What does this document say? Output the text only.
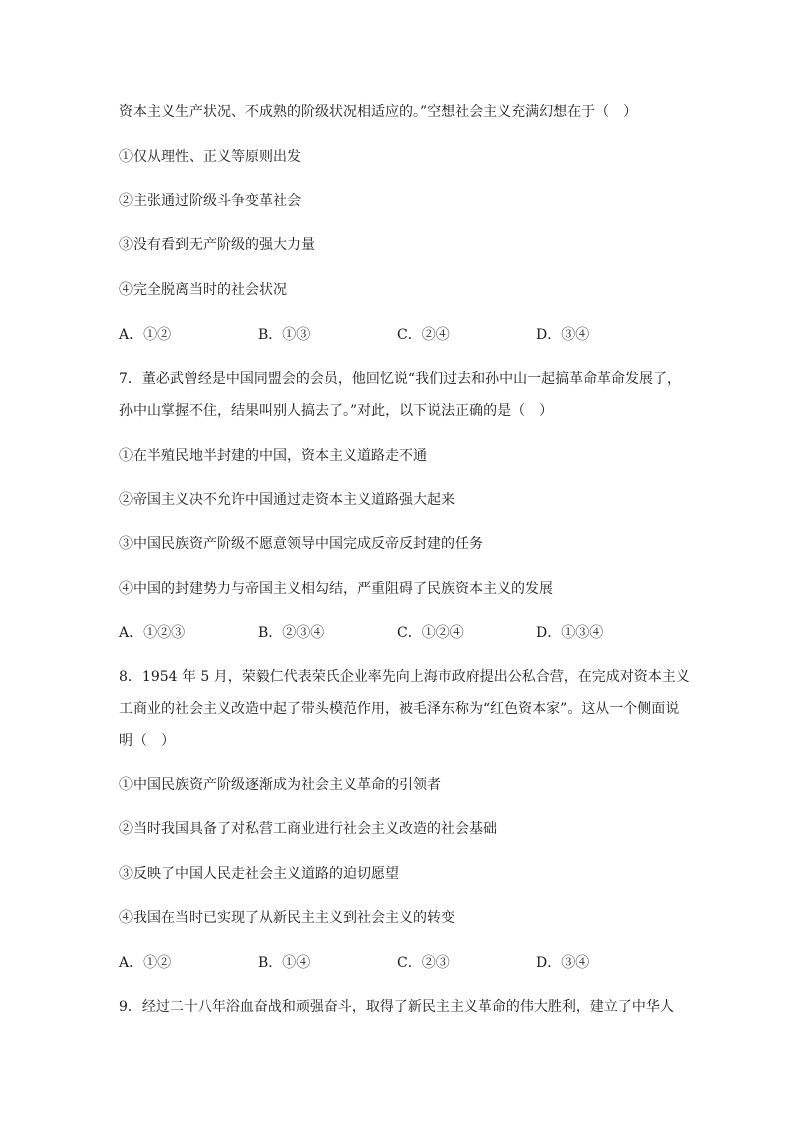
资本主义生产状况、不成熟的阶级状况相适应的。”空想社会主义充满幻想在于（　）
①仅从理性、正义等原则出发
②主张通过阶级斗争变革社会
③没有看到无产阶级的强大力量
④完全脱离当时的社会状况
A．①②	B．①③	C．②④	D．③④
7．董必武曾经是中国同盟会的会员，他回忆说“我们过去和孙中山一起搞革命革命发展了，
孙中山掌握不住，结果叫别人搞去了。”对此，以下说法正确的是（　）
①在半殖民地半封建的中国，资本主义道路走不通
②帝国主义决不允许中国通过走资本主义道路强大起来
③中国民族资产阶级不愿意领导中国完成反帝反封建的任务
④中国的封建势力与帝国主义相勾结，严重阻碍了民族资本主义的发展
A．①②③	B．②③④	C．①②④	D．①③④
8．1954 年 5 月，荣毅仁代表荣氏企业率先向上海市政府提出公私合营，在完成对资本主义
工商业的社会主义改造中起了带头模范作用，被毛泽东称为“红色资本家”。这从一个侧面说
明（　）
①中国民族资产阶级逐渐成为社会主义革命的引领者
②当时我国具备了对私营工商业进行社会主义改造的社会基础
③反映了中国人民走社会主义道路的迫切愿望
④我国在当时已实现了从新民主主义到社会主义的转变
A．①②	B．①④	C．②③	D．③④
9．经过二十八年浴血奋战和顽强奋斗，取得了新民主主义革命的伟大胜利，建立了中华人
